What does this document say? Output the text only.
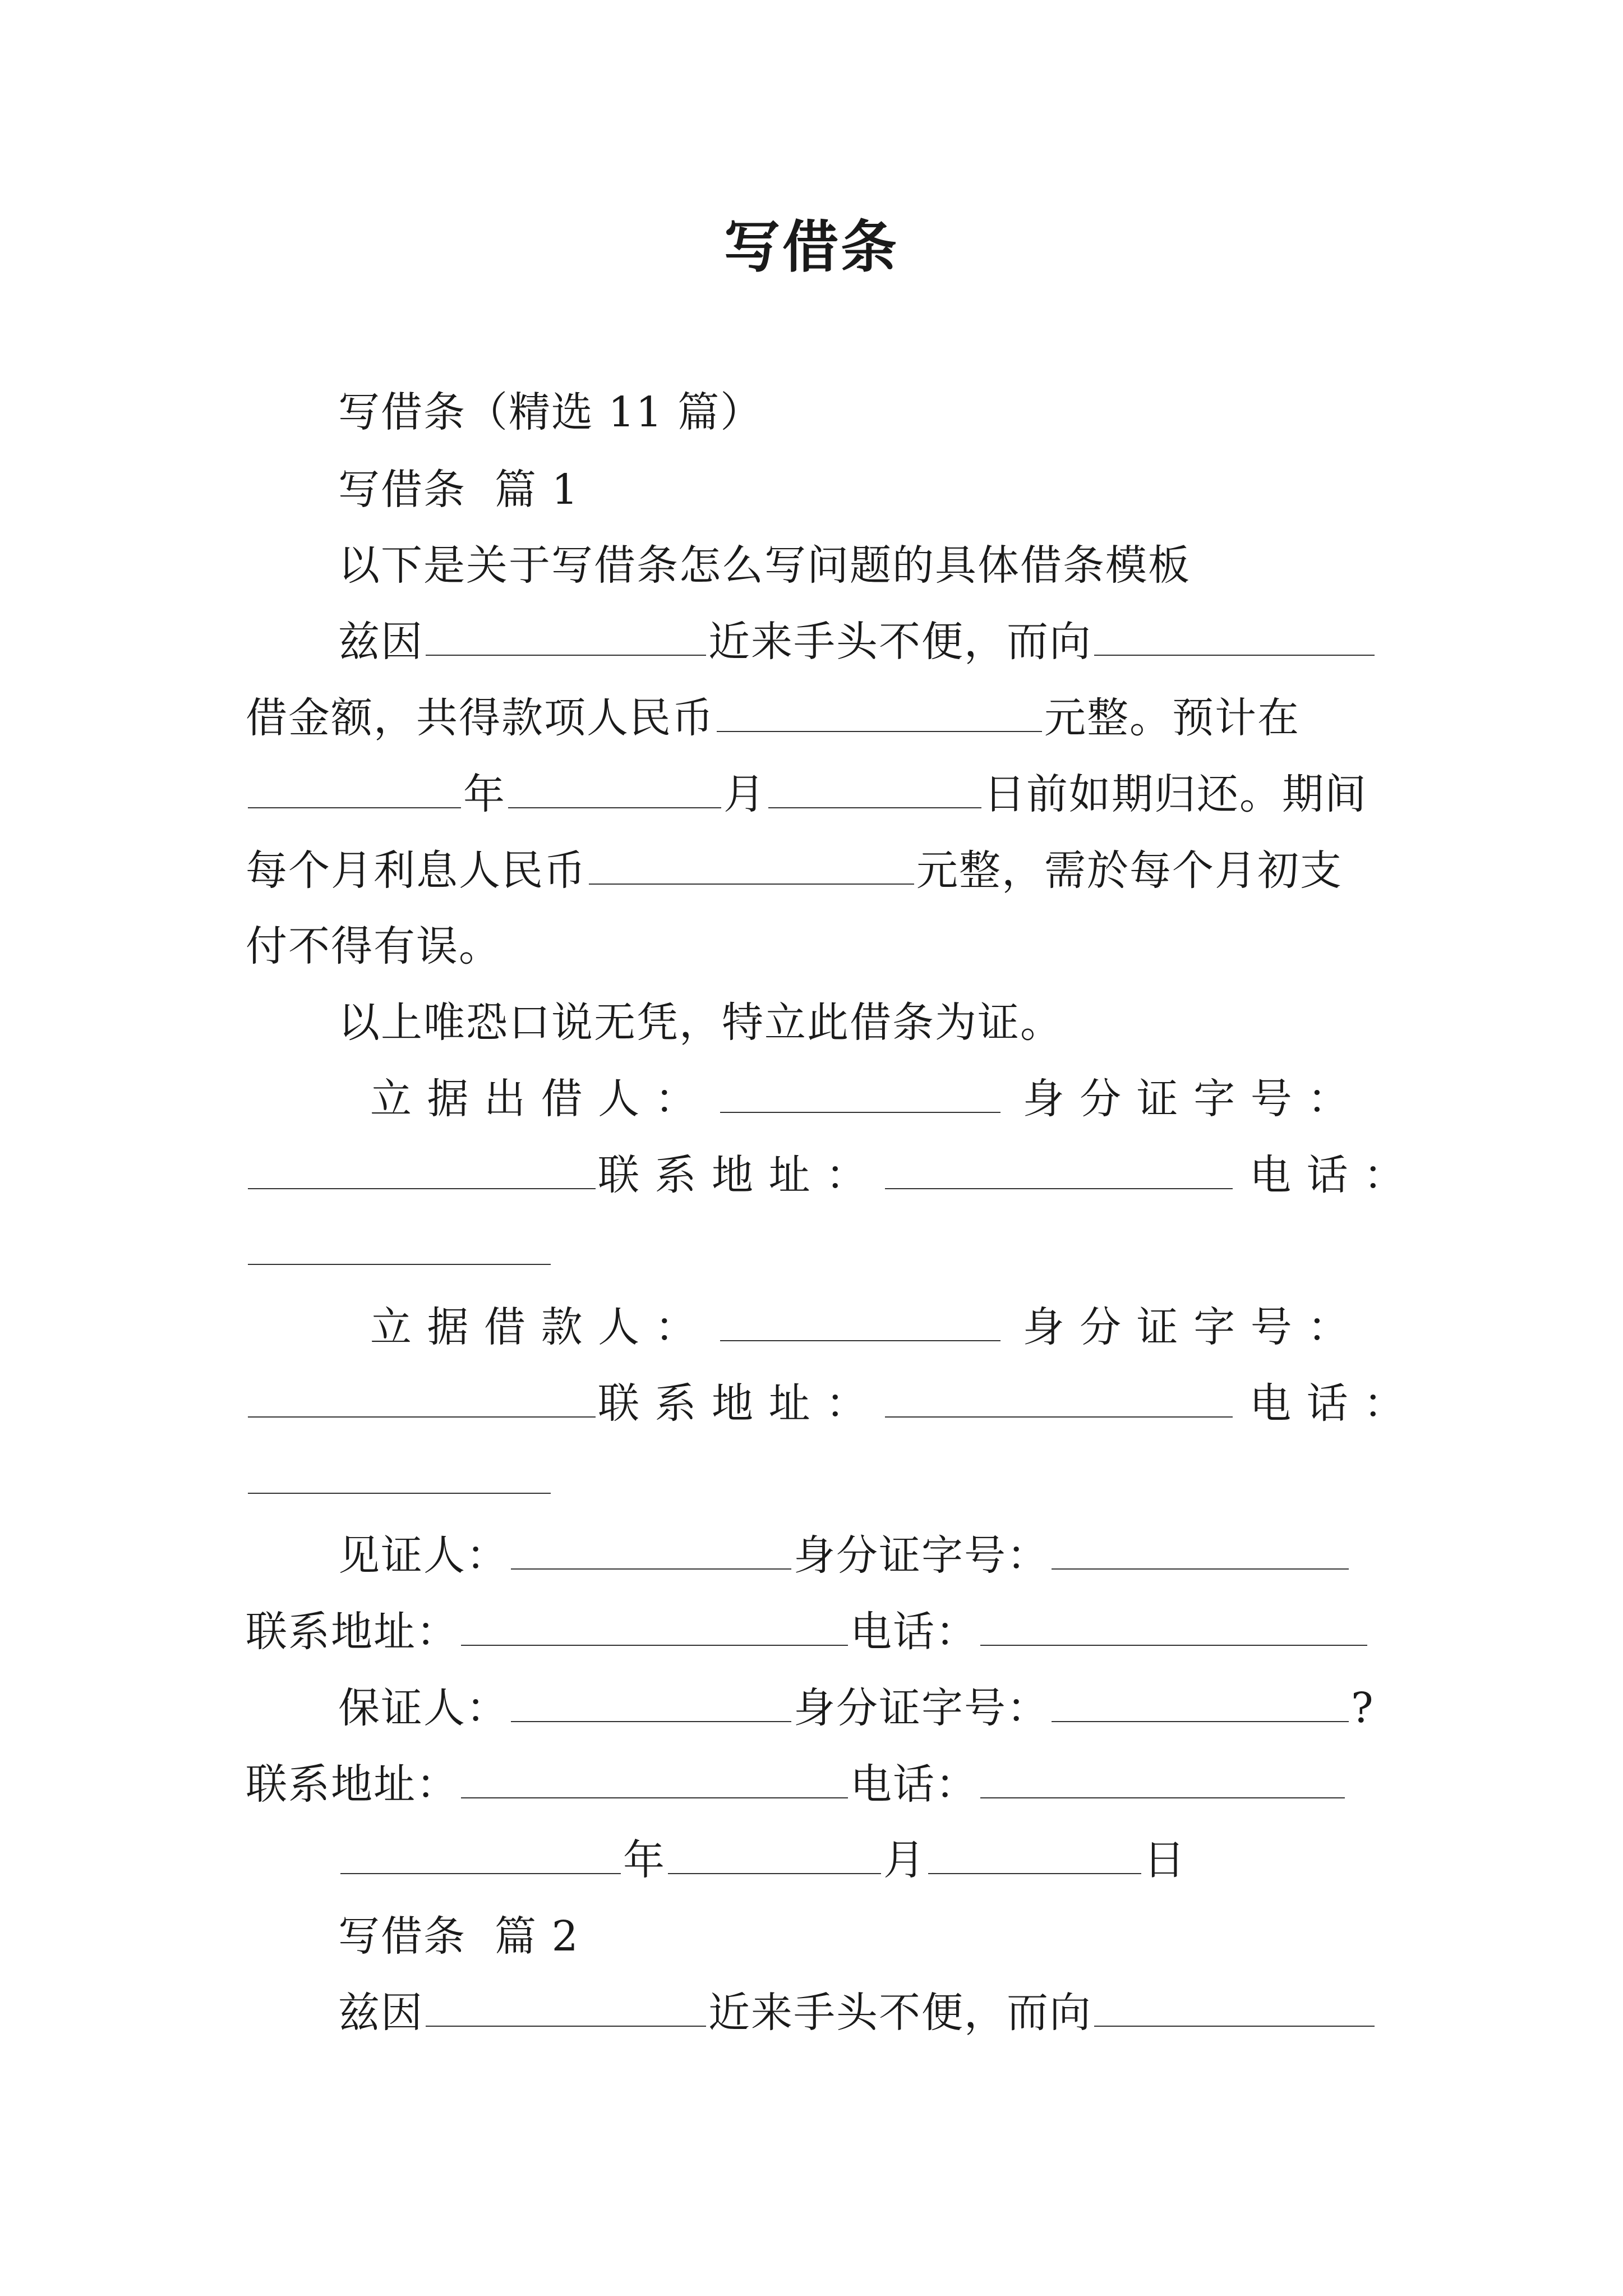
写借条
写借条（精选 11 篇）
写借条  篇 1
以下是关于写借条怎么写问题的具体借条模板
兹因	近来手头不便，而向
借金额，共得款项人民币	元整。预计在
年	月	日前如期归还。期间
每个月利息人民币	元整，需於每个月初支
付不得有误。
以上唯恐口说无凭，特立此借条为证。
立 据 出 借 人 ：	身 分 证 字 号 ：
联 系 地 址 ：	电 话 ：
立 据 借 款 人 ：	身 分 证 字 号 ：
联 系 地 址 ：	电 话 ：
见证人：	身分证字号：
联系地址：	电话：
保证人：	身分证字号：	?
联系地址：	电话：
年	月	日
写借条  篇 2
兹因	近来手头不便，而向
